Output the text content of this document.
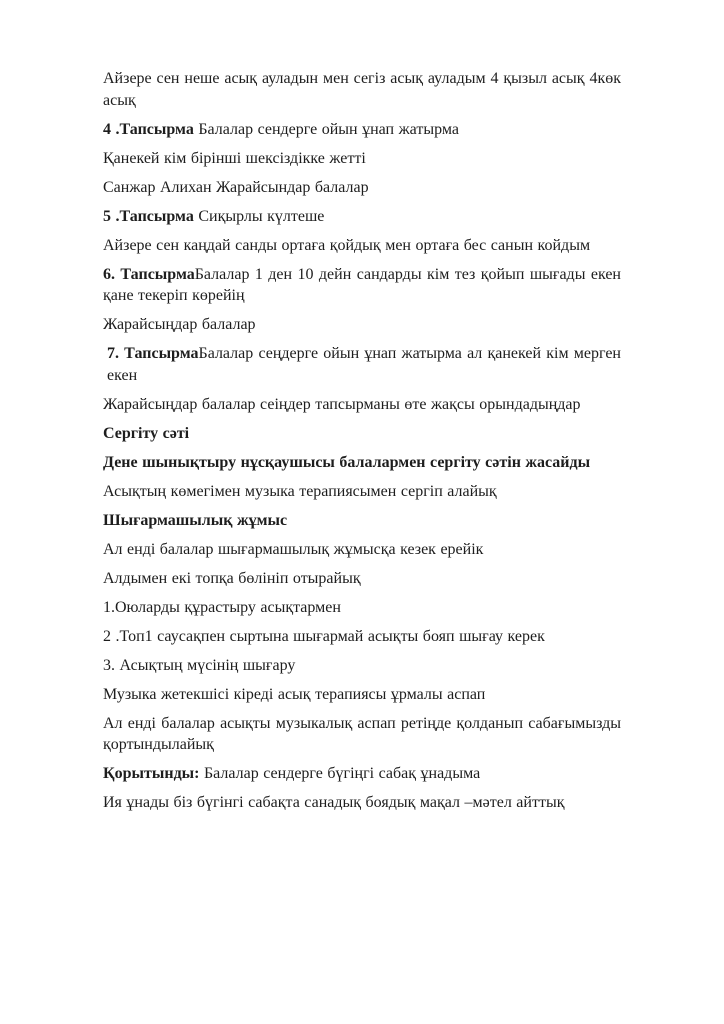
Айзере сен неше асық ауладын мен сегіз асық ауладым 4 қызыл асық 4көк асық

4 .Тапсырма Балалар сендерге ойын ұнап жатырма

Қанекей кім бірінші шексіздікке жетті

Санжар Алихан Жарайсындар балалар

5 .Тапсырма Сиқырлы күлтеше

Айзере сен каңдай санды ортаға қойдық мен ортаға бес санын койдым

6. ТапсырмаБалалар 1 ден 10 дейн сандарды кім тез қойып шығады екен қане текеріп көрейің

Жарайсыңдар балалар

7. ТапсырмаБалалар сеңдерге ойын ұнап жатырма ал қанекей кім мерген екен

Жарайсыңдар балалар сеіңдер тапсырманы өте жақсы орындадыңдар

Сергіту сәті

Дене шынықтыру нұсқаушысы балалармен сергіту сәтін жасайды

Асықтың көмегімен музыка терапиясымен сергіп алайық

Шығармашылық жұмыс

Ал енді балалар шығармашылық жұмысқа кезек ерейік

Алдымен екі топқа бөлініп отырайық

1.Оюларды құрастыру асықтармен

2 .Топ1 саусақпен сыртына шығармай асықты бояп шығау керек

3. Асықтың мүсінің шығару

Музыка жетекшісі кіреді асық терапиясы ұрмалы аспап

Ал енді балалар асықты музыкалық аспап ретіңде қолданып сабағымызды қортындылайық

Қорытынды: Балалар сендерге бүгіңгі сабақ ұнадыма

Ия ұнады біз бүгінгі сабақта санадық боядық мақал –мәтел айттық
